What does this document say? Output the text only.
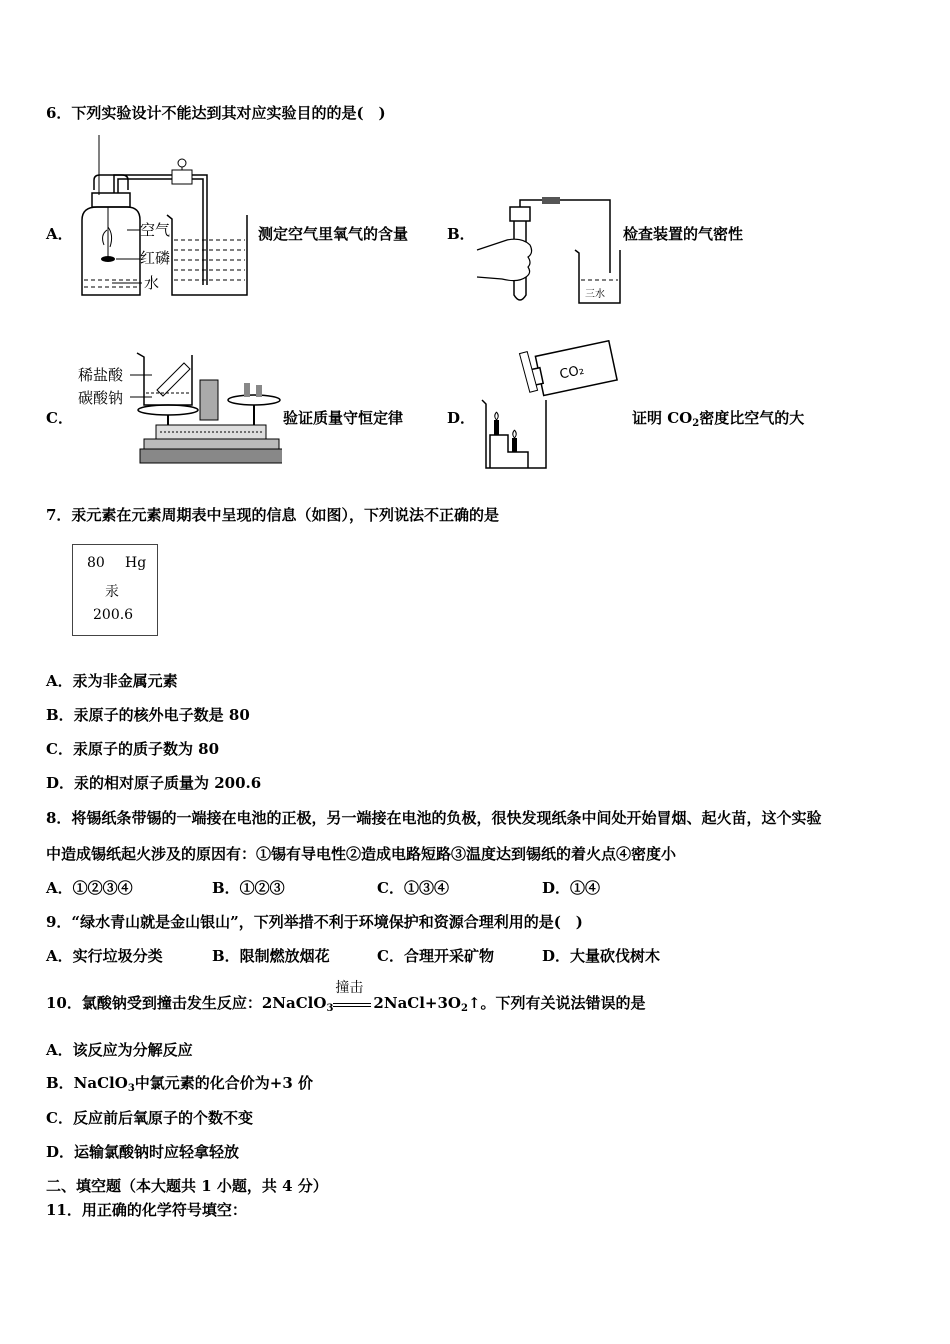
6．下列实验设计不能达到其对应实验目的的是(　)
A．	空气
红磷
水
测定空气里氧气的含量	B．
三水
检查装置的气密性
C．
稀盐酸
碳酸钠
验证质量守恒定律	D．
CO₂
证明 $CO_2$密度比空气的大
7．汞元素在元素周期表中呈现的信息（如图），下列说法不正确的是
80 Hg
汞
200.6
A．汞为非金属元素
B．汞原子的核外电子数是 80
C．汞原子的质子数为 80
D．汞的相对原子质量为 200.6
8．将锡纸条带锡的一端接在电池的正极，另一端接在电池的负极，很快发现纸条中间处开始冒烟、起火苗，这个实验
中造成锡纸起火涉及的原因有：①锡有导电性②造成电路短路③温度达到锡纸的着火点④密度小
A．①②③④	B．①②③	C．①③④	D．①④
9．“绿水青山就是金山银山”，下列举措不利于环境保护和资源合理利用的是(　)
A．实行垃圾分类	B．限制燃放烟花	C．合理开采矿物	D．大量砍伐树木
10．氯酸钠受到撞击发生反应：2NaClO$_3$
撞击
$2NaCl+3O_2↑$。下列有关说法错误的是
A．该反应为分解反应
B．NaClO$_3$中氯元素的化合价为+3 价
C．反应前后氧原子的个数不变
D．运输氯酸钠时应轻拿轻放
二、填空题（本大题共 1 小题，共 4 分）
11．用正确的化学符号填空：
